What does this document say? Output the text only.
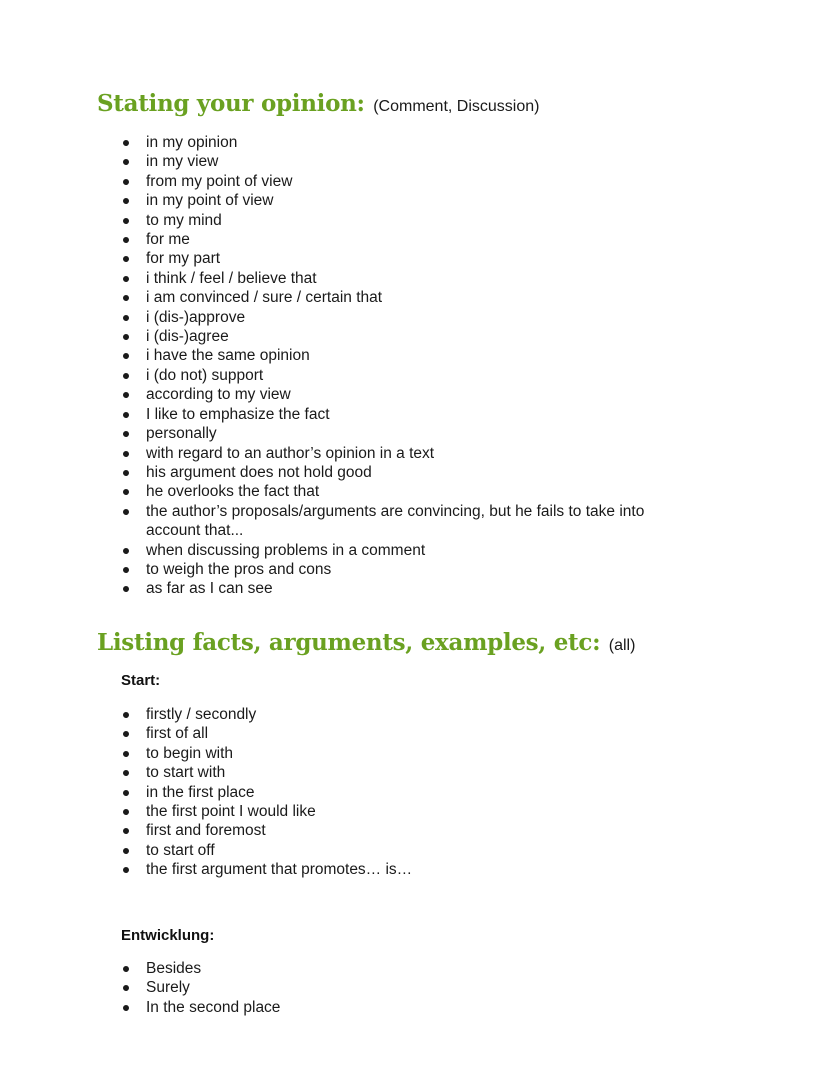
Stating your opinion: (Comment, Discussion)
in my opinion
in my view
from my point of view
in my point of view
to my mind
for me
for my part
i think / feel / believe that
i am convinced / sure / certain that
i (dis-)approve
i (dis-)agree
i have the same opinion
i (do not) support
according to my view
I like to emphasize the fact
personally
with regard to an author’s opinion in a text
his argument does not hold good
he overlooks the fact that
the author’s proposals/arguments are convincing, but he fails to take into account that...
when discussing problems in a comment
to weigh the pros and cons
as far as I can see
Listing facts, arguments, examples, etc: (all)
Start:
firstly / secondly
first of all
to begin with
to start with
in the first place
the first point I would like
first and foremost
to start off
the first argument that promotes… is…
Entwicklung:
Besides
Surely
In the second place
